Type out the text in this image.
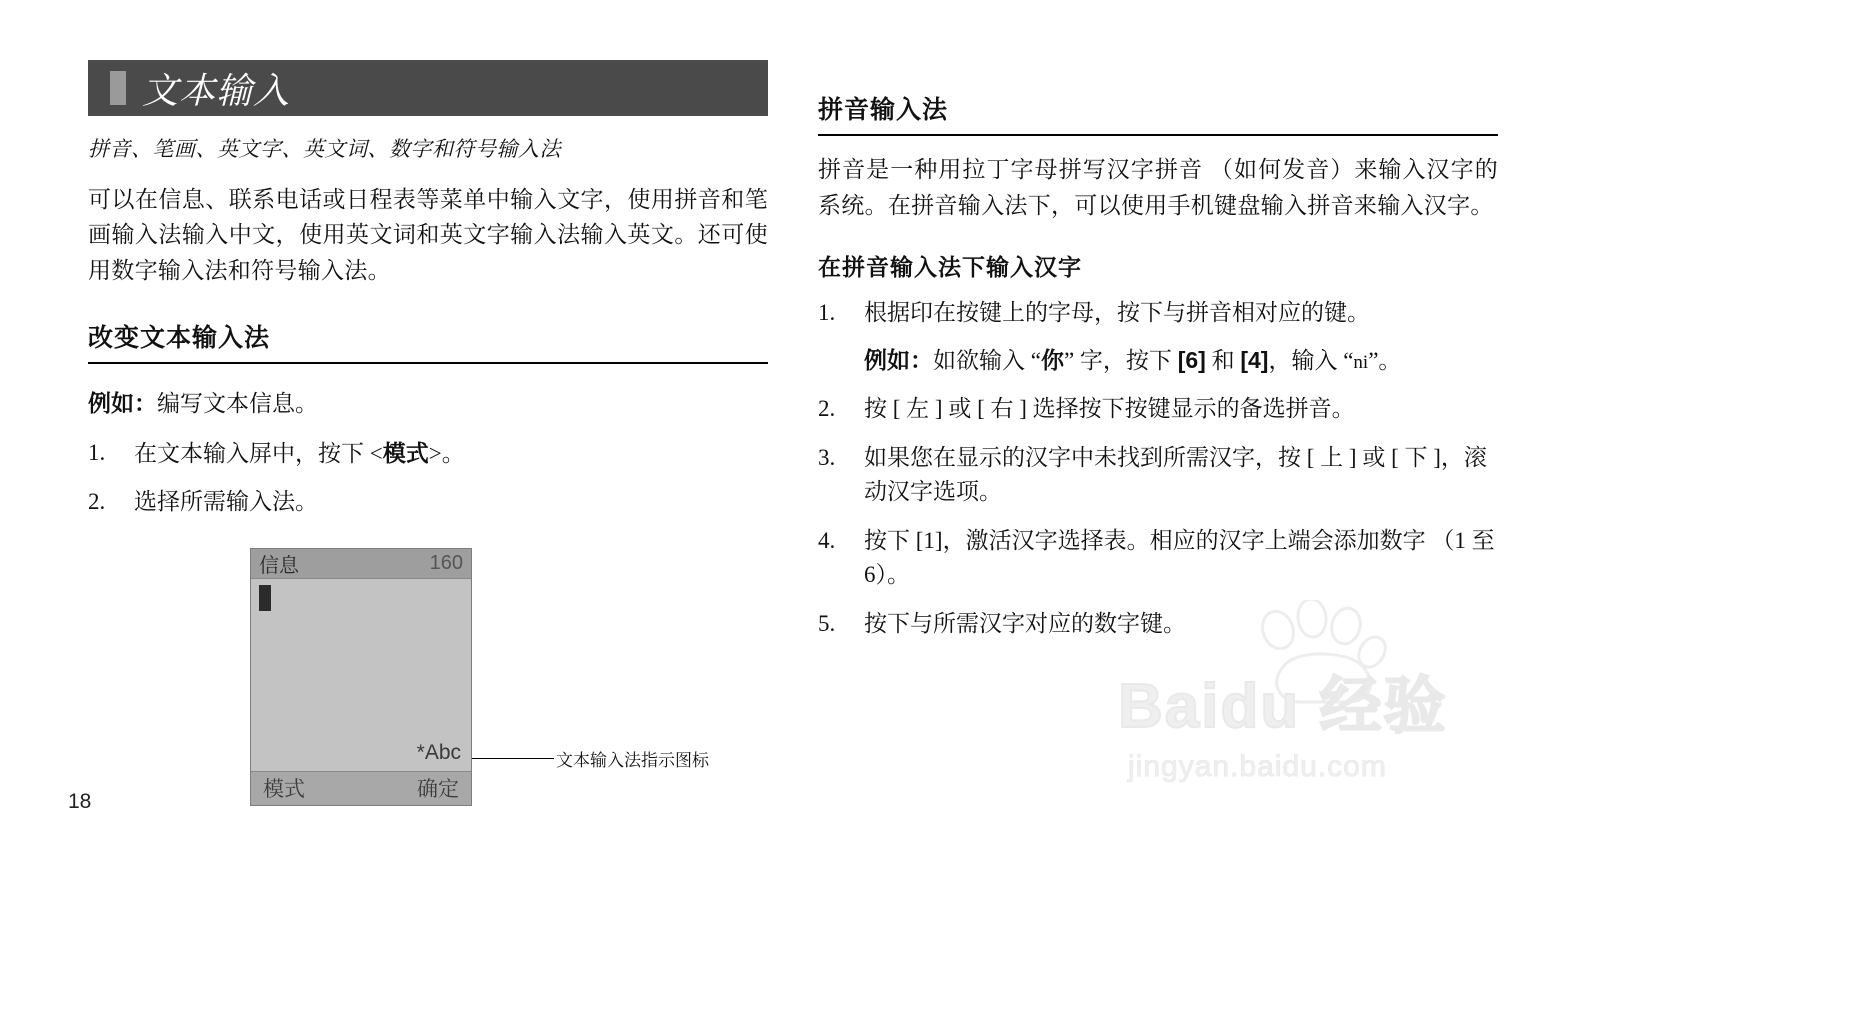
文本输入
拼音、笔画、英文字、英文词、数字和符号输入法
可以在信息、联系电话或日程表等菜单中输入文字，使用拼音和笔画输入法输入中文，使用英文词和英文字输入法输入英文。还可使用数字输入法和符号输入法。
改变文本输入法
例如：编写文本信息。
1.	在文本输入屏中，按下 <模式>。
2.	选择所需输入法。
信息	160
*Abc
模式	确定
文本输入法指示图标
拼音输入法
拼音是一种用拉丁字母拼写汉字拼音 （如何发音）来输入汉字的系统。在拼音输入法下，可以使用手机键盘输入拼音来输入汉字。
在拼音输入法下输入汉字
1.	根据印在按键上的字母，按下与拼音相对应的键。
例如：如欲输入 “你” 字，按下 [6] 和 [4]，输入 “ni”。
2.	按 [ 左 ] 或 [ 右 ] 选择按下按键显示的备选拼音。
3.	如果您在显示的汉字中未找到所需汉字，按 [ 上 ] 或 [ 下 ]，滚动汉字选项。
4.	按下 [1]，激活汉字选择表。相应的汉字上端会添加数字 （1 至 6）。
5.	按下与所需汉字对应的数字键。
18
Baidu 经验
jingyan.baidu.com
